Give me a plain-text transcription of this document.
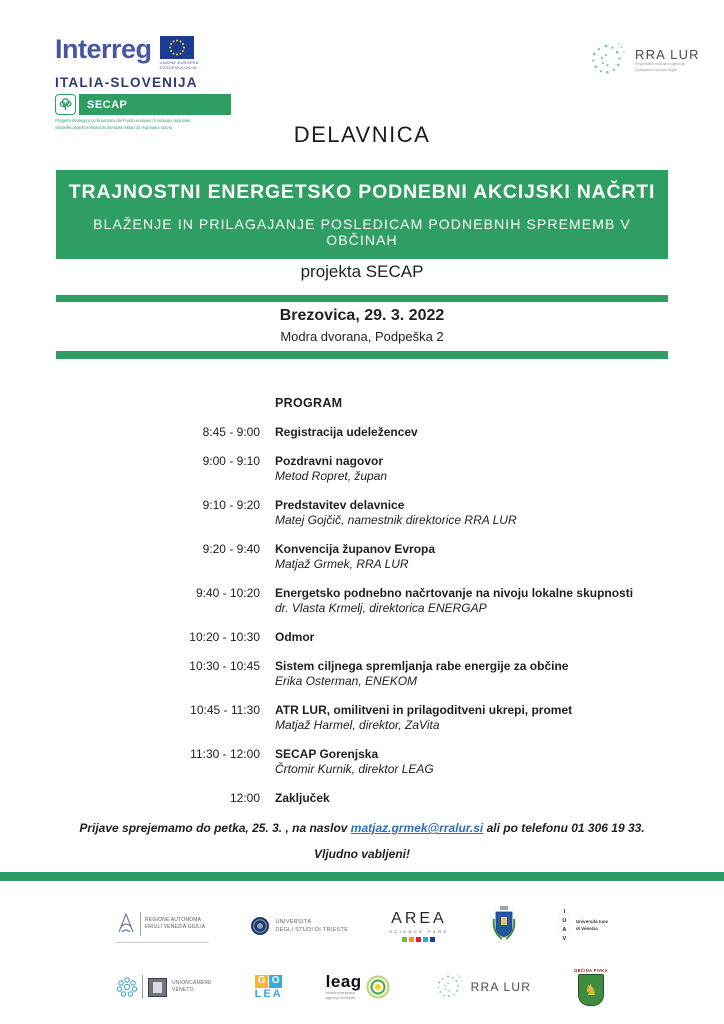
Interreg UNIONE EUROPEA
EVROPSKA UNIJA
ITALIA-SLOVENIJA
SECAP
Progetto strategico co-finanziato dal Fondo europeo di sviluppo regionale
Strateški projekt sofinancira Evropski sklad za regionalni razvoj
RRA LUR
Regionalna razvojna agencija
Ljubljanske urbane regije
DELAVNICA
TRAJNOSTNI ENERGETSKO PODNEBNI AKCIJSKI NAČRTI
BLAŽENJE IN PRILAGAJANJE POSLEDICAM PODNEBNIH SPREMEMB V OBČINAH
projekta SECAP
Brezovica, 29. 3. 2022
Modra dvorana, Podpeška 2
PROGRAM
8:45 - 9:00 Registracija udeležencev
9:00 - 9:10 Pozdravni nagovor
Metod Ropret, župan
9:10 - 9:20 Predstavitev delavnice
Matej Gojčič, namestnik direktorice RRA LUR
9:20 - 9:40 Konvencija županov Evropa
Matjaž Grmek, RRA LUR
9:40 - 10:20 Energetsko podnebno načrtovanje na nivoju lokalne skupnosti
dr. Vlasta Krmelj, direktorica ENERGAP
10:20 - 10:30 Odmor
10:30 - 10:45 Sistem ciljnega spremljanja rabe energije za občine
Erika Osterman, ENEKOM
10:45 - 11:30 ATR LUR, omilitveni in prilagoditveni ukrepi, promet
Matjaž Harmel, direktor, ZaVita
11:30 - 12:00 SECAP Gorenjska
Črtomir Kurnik, direktor LEAG
12:00 Zaključek
Prijave sprejemamo do petka, 25. 3. , na naslov matjaz.grmek@rralur.si ali po telefonu 01 306 19 33.
Vljudno vabljeni!
REGIONE AUTONOMA
FRIULI VENEZIA GIULIA
UNIVERSITÀ
DEGLI STUDI DI TRIESTE
AREA
SCIENCE PARK
I
· · ·
U
· · ·
A
· · ·
V
Università Iuav
di Venezia
UNIONCAMERE
VENETO
G O
LEA
leag
lokalna energetska
agencija Gorenjske
RRA LUR
OBČINA PIVKA
♞
